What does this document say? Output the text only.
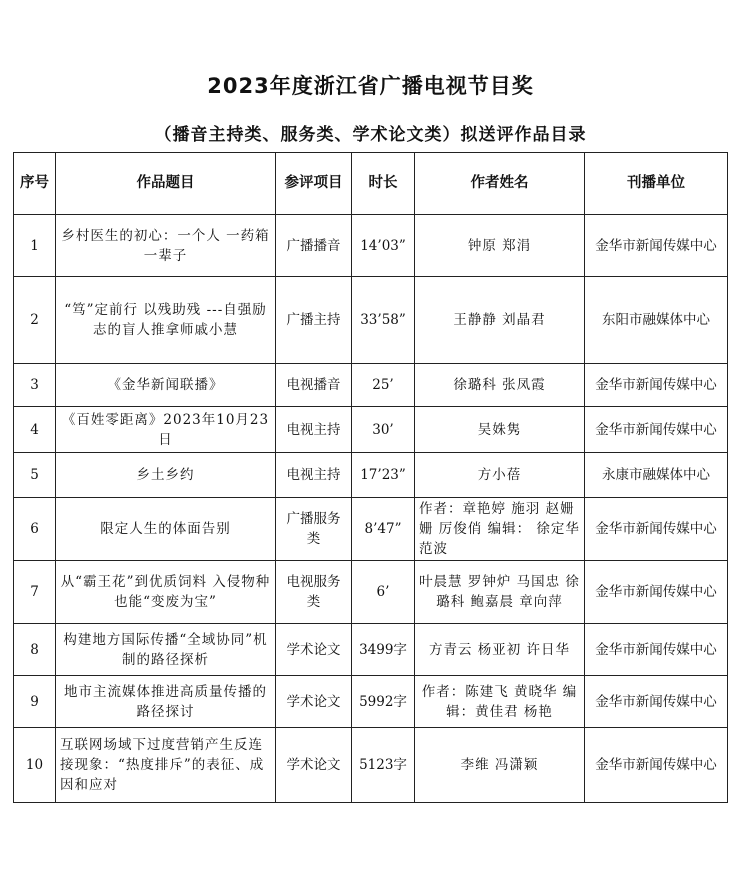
2023年度浙江省广播电视节目奖
（播音主持类、服务类、学术论文类）拟送评作品目录
序号	作品题目	参评项目	时长	作者姓名	刊播单位
1	乡村医生的初心：一个人 一药箱 一辈子	广播播音	14’03”	钟原 郑涓	金华市新闻传媒中心
2	“笃”定前行 以残助残 ---自强励志的盲人推拿师戚小慧	广播主持	33’58”	王静静 刘晶君	东阳市融媒体中心
3	《金华新闻联播》	电视播音	25’	徐璐科 张凤霞	金华市新闻传媒中心
4	《百姓零距离》2023年10月23日	电视主持	30’	吴姝隽	金华市新闻传媒中心
5	乡土乡约	电视主持	17’23”	方小蓓	永康市融媒体中心
6	限定人生的体面告别	广播服务类	8’47”	作者：章艳婷 施羽 赵姗姗 厉俊俏 编辑： 徐定华 范波	金华市新闻传媒中心
7	从“霸王花”到优质饲料 入侵物种也能“变废为宝”	电视服务类	6’	叶晨慧 罗钟炉 马国忠 徐璐科 鲍嘉晨 章向萍	金华市新闻传媒中心
8	构建地方国际传播“全域协同”机制的路径探析	学术论文	3499字	方青云 杨亚初 许日华	金华市新闻传媒中心
9	地市主流媒体推进高质量传播的路径探讨	学术论文	5992字	作者：陈建飞 黄晓华 编辑：黄佳君 杨艳	金华市新闻传媒中心
10	互联网场域下过度营销产生反连接现象：“热度排斥”的表征、成因和应对	学术论文	5123字	李维 冯潇颖	金华市新闻传媒中心
